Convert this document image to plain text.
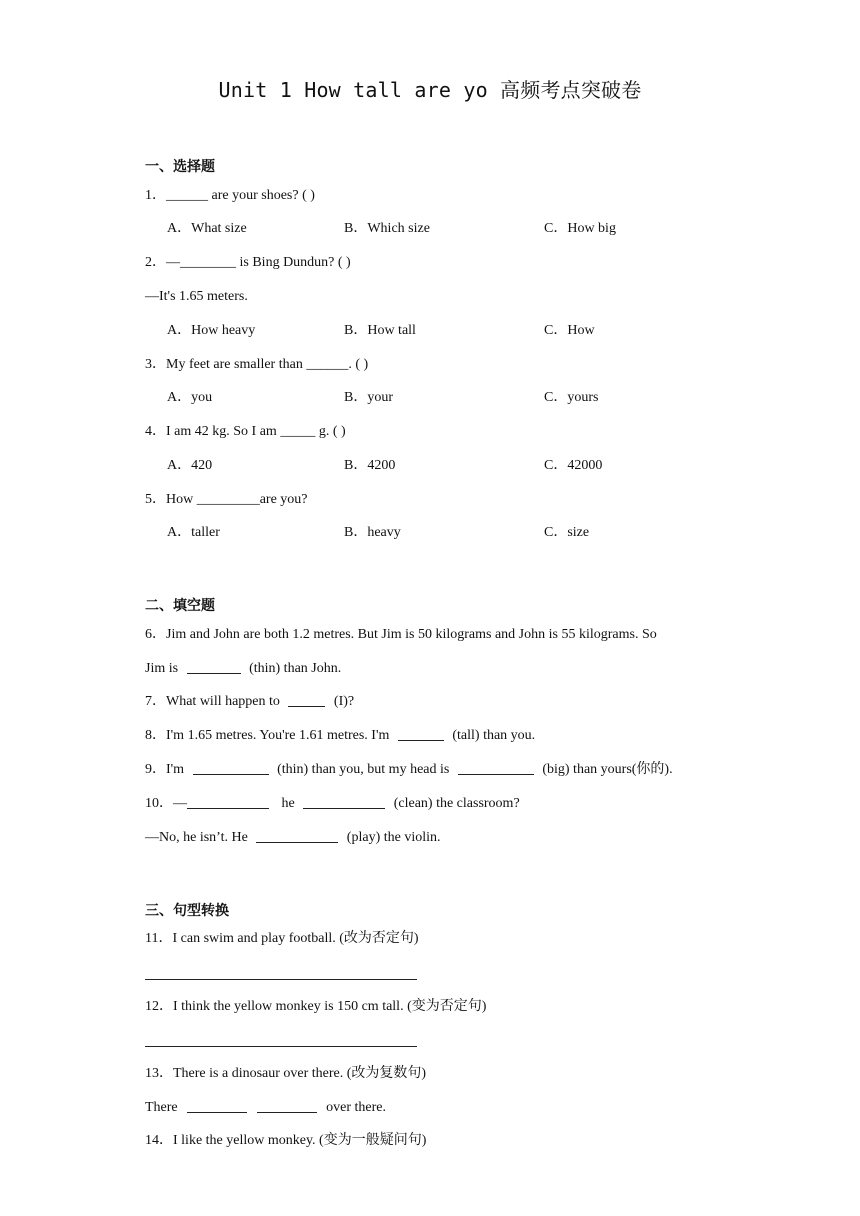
Unit 1 How tall are yo 高频考点突破卷
一、选择题
1．______ are your shoes? ( )
A．What size	B．Which size	C．How big
2．—________ is Bing Dundun? ( )
—It's 1.65 meters.
A．How heavy	B．How tall	C．How
3．My feet are smaller than ______. ( )
A．you	B．your	C．yours
4．I am 42 kg. So I am _____ g. ( )
A．420	B．4200	C．42000
5．How _________are you?
A．taller	B．heavy	C．size
二、填空题
6．Jim and John are both 1.2 metres. But Jim is 50 kilograms and John is 55 kilograms. So
Jim is	(thin) than John.
7．What will happen to	(I)?
8．I'm 1.65 metres. You're 1.61 metres. I'm	(tall) than you.
9．I'm	(thin) than you, but my head is	(big) than yours(你的).
10．—	he	(clean) the classroom?
—No, he isn’t. He	(play) the violin.
三、句型转换
11．I can swim and play football. (改为否定句)
12．I think the yellow monkey is 150 cm tall. (变为否定句)
13．There is a dinosaur over there. (改为复数句)
There	over there.
14．I like the yellow monkey. (变为一般疑问句)
